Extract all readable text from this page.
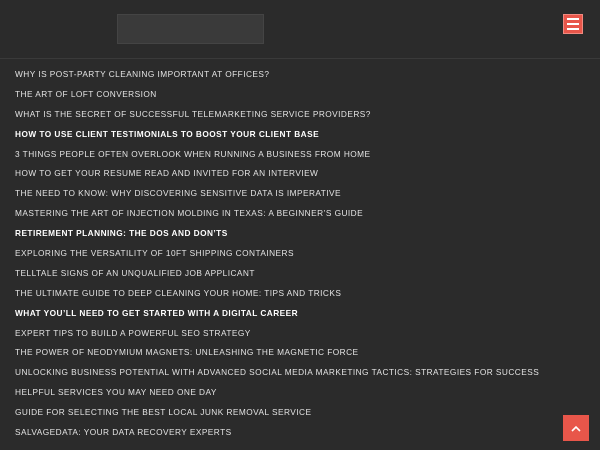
WHY IS POST-PARTY CLEANING IMPORTANT AT OFFICES?
THE ART OF LOFT CONVERSION
WHAT IS THE SECRET OF SUCCESSFUL TELEMARKETING SERVICE PROVIDERS?
HOW TO USE CLIENT TESTIMONIALS TO BOOST YOUR CLIENT BASE
3 THINGS PEOPLE OFTEN OVERLOOK WHEN RUNNING A BUSINESS FROM HOME
HOW TO GET YOUR RESUME READ AND INVITED FOR AN INTERVIEW
THE NEED TO KNOW: WHY DISCOVERING SENSITIVE DATA IS IMPERATIVE
MASTERING THE ART OF INJECTION MOLDING IN TEXAS: A BEGINNER’S GUIDE
RETIREMENT PLANNING: THE DOS AND DON’TS
EXPLORING THE VERSATILITY OF 10FT SHIPPING CONTAINERS
TELLTALE SIGNS OF AN UNQUALIFIED JOB APPLICANT
THE ULTIMATE GUIDE TO DEEP CLEANING YOUR HOME: TIPS AND TRICKS
WHAT YOU’LL NEED TO GET STARTED WITH A DIGITAL CAREER
EXPERT TIPS TO BUILD A POWERFUL SEO STRATEGY
THE POWER OF NEODYMIUM MAGNETS: UNLEASHING THE MAGNETIC FORCE
UNLOCKING BUSINESS POTENTIAL WITH ADVANCED SOCIAL MEDIA MARKETING TACTICS: STRATEGIES FOR SUCCESS
HELPFUL SERVICES YOU MAY NEED ONE DAY
GUIDE FOR SELECTING THE BEST LOCAL JUNK REMOVAL SERVICE
SALVAGEDATA: YOUR DATA RECOVERY EXPERTS
